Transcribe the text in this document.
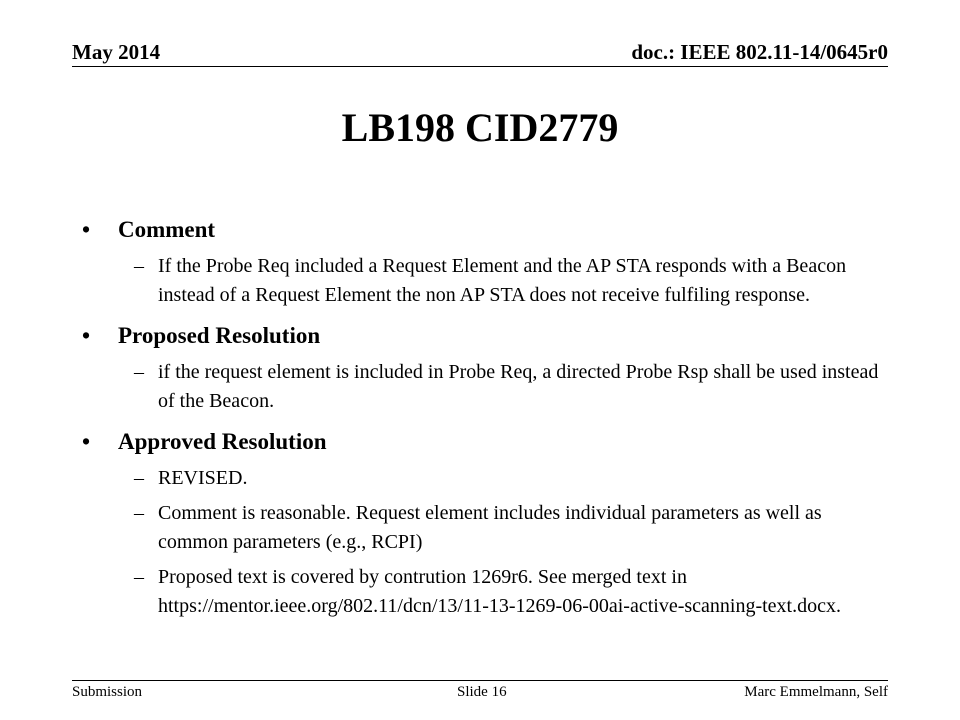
May 2014	doc.: IEEE 802.11-14/0645r0
LB198 CID2779
• Comment
– If the Probe Req included a Request Element and the AP STA responds with a Beacon instead of a Request Element the non AP STA does not receive fulfiling response.
• Proposed Resolution
– if the request element is included in Probe Req, a directed Probe Rsp shall be used instead of the Beacon.
• Approved Resolution
– REVISED.
– Comment is reasonable. Request element includes individual parameters as well as common parameters (e.g., RCPI)
– Proposed text is covered by contrution 1269r6. See merged text in https://mentor.ieee.org/802.11/dcn/13/11-13-1269-06-00ai-active-scanning-text.docx.
Submission	Slide 16	Marc Emmelmann, Self
